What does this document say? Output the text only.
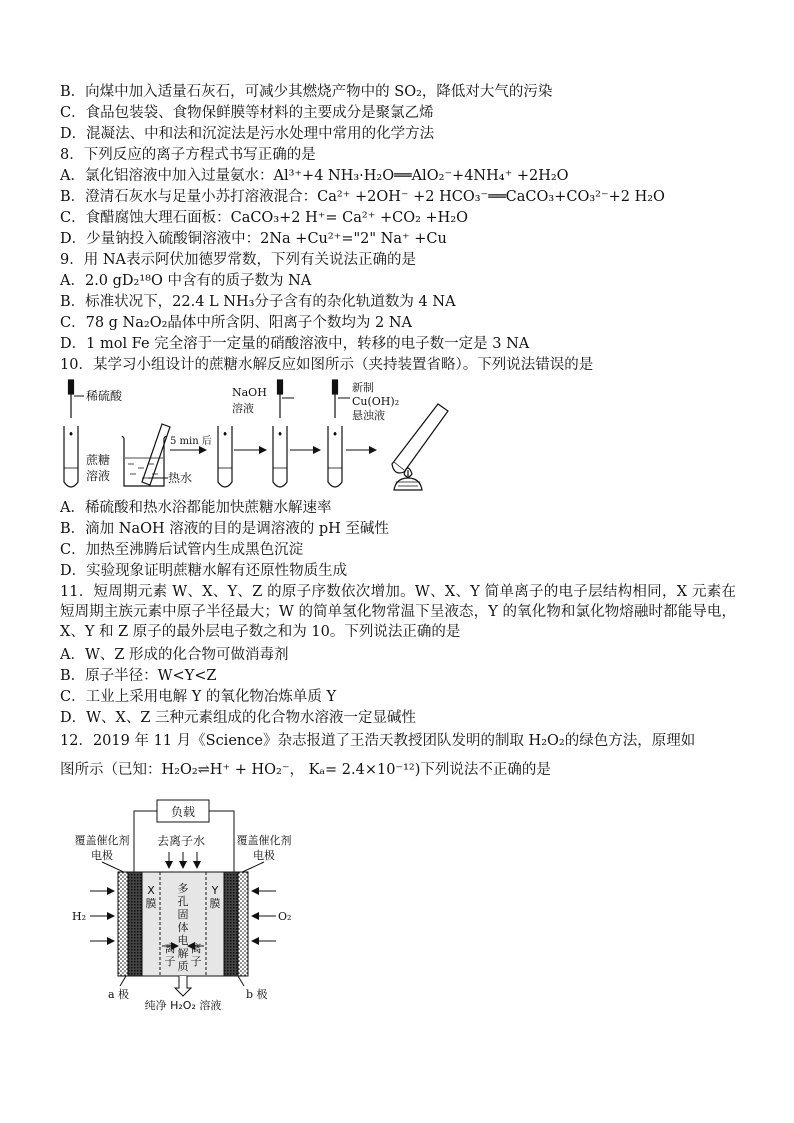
B．向煤中加入适量石灰石，可减少其燃烧产物中的 SO₂，降低对大气的污染
C．食品包装袋、食物保鲜膜等材料的主要成分是聚氯乙烯
D．混凝法、中和法和沉淀法是污水处理中常用的化学方法
8．下列反应的离子方程式书写正确的是
A．氯化铝溶液中加入过量氨水：Al³⁺+4 NH₃·H₂O══AlO₂⁻+4NH₄⁺ +2H₂O
B．澄清石灰水与足量小苏打溶液混合：Ca²⁺ +2OH⁻ +2 HCO₃⁻══CaCO₃+CO₃²⁻+2 H₂O
C．食醋腐蚀大理石面板：CaCO₃+2 H⁺= Ca²⁺ +CO₂ +H₂O
D．少量钠投入硫酸铜溶液中：2Na +Cu²⁺="2" Na⁺ +Cu
9．用 NA表示阿伏加德罗常数，下列有关说法正确的是
A．2.0 gD₂¹⁸O 中含有的质子数为 NA
B．标准状况下，22.4 L NH₃分子含有的杂化轨道数为 4 NA
C．78 g Na₂O₂晶体中所含阴、阳离子个数均为 2 NA
D．1 mol Fe 完全溶于一定量的硝酸溶液中，转移的电子数一定是 3 NA
10．某学习小组设计的蔗糖水解反应如图所示（夹持装置省略）。下列说法错误的是
A．稀硫酸和热水浴都能加快蔗糖水解速率
B．滴加 NaOH 溶液的目的是调溶液的 pH 至碱性
C．加热至沸腾后试管内生成黑色沉淀
D．实验现象证明蔗糖水解有还原性物质生成
11．短周期元素 W、X、Y、Z 的原子序数依次增加。W、X、Y 简单离子的电子层结构相同，X 元素在短周期主族元素中原子半径最大；W 的简单氢化物常温下呈液态，Y 的氧化物和氯化物熔融时都能导电，X、Y 和 Z 原子的最外层电子数之和为 10。下列说法正确的是
A．W、Z 形成的化合物可做消毒剂
B．原子半径：W<Y<Z
C．工业上采用电解 Y 的氧化物冶炼单质 Y
D．W、X、Z 三种元素组成的化合物水溶液一定显碱性
12．2019 年 11 月《Science》杂志报道了王浩天教授团队发明的制取 H₂O₂的绿色方法，原理如
图所示（已知：H₂O₂⇌H⁺ + HO₂⁻， Kₐ= 2.4×10⁻¹²)下列说法不正确的是
稀硫酸
蔗糖
溶液	热水
5 min 后
NaOH
溶液
新制
Cu(OH)₂
悬浊液
负载
去离子水
覆盖催化剂
电极
覆盖催化剂
电极
X
膜
Y
膜
多
孔
固
体
电
解
质
离
子
离
子
H₂	O₂
a 极	b 极
纯净 H₂O₂ 溶液
